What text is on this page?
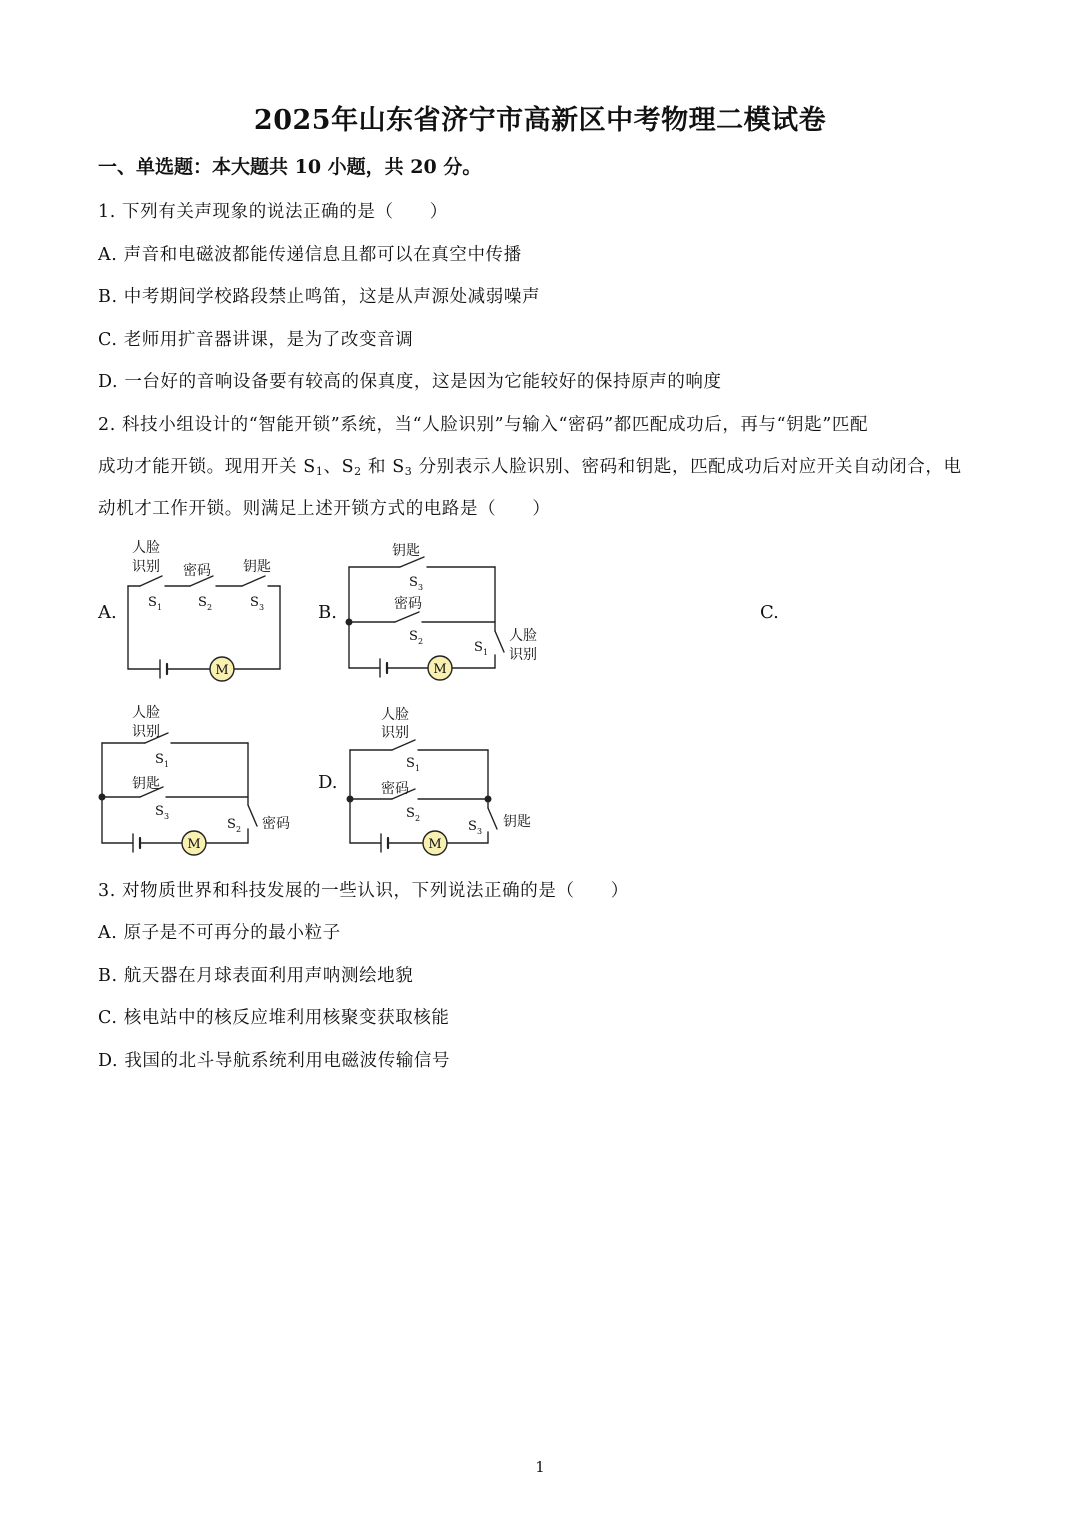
2025年山东省济宁市高新区中考物理二模试卷
一、单选题：本大题共 10 小题，共 20 分。
1. 下列有关声现象的说法正确的是（　　）
A. 声音和电磁波都能传递信息且都可以在真空中传播
B. 中考期间学校路段禁止鸣笛，这是从声源处减弱噪声
C. 老师用扩音器讲课，是为了改变音调
D. 一台好的音响设备要有较高的保真度，这是因为它能较好的保持原声的响度
2. 科技小组设计的“智能开锁”系统，当“人脸识别”与输入“密码”都匹配成功后，再与“钥匙”匹配
成功才能开锁。现用开关 $S_1$、$S_2$ 和 $S_3$ 分别表示人脸识别、密码和钥匙，匹配成功后对应开关自动闭合，电
动机才工作开锁。则满足上述开锁方式的电路是（　　）
A.	B.	C.
D.
人脸
识别 密码 钥匙
S 1	S 2	S 3
M
钥匙
S 3
密码
S 2	S 1
人脸
识别
M
人脸
识别
S 1
钥匙
S 3
S 2 密码
M
人脸
识别
S 1
密码
S 2
S 3
钥匙
M
3. 对物质世界和科技发展的一些认识，下列说法正确的是（　　）
A. 原子是不可再分的最小粒子
B. 航天器在月球表面利用声呐测绘地貌
C. 核电站中的核反应堆利用核聚变获取核能
D. 我国的北斗导航系统利用电磁波传输信号
1
